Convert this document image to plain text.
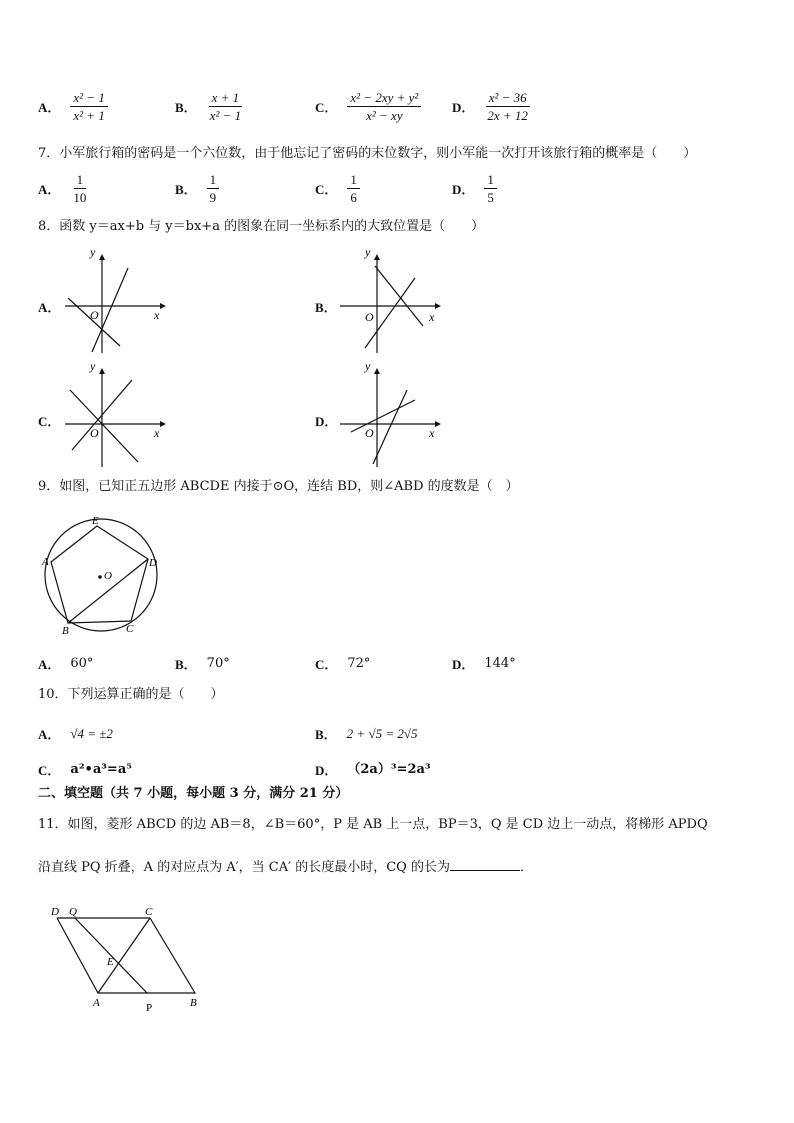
A． $\frac{\text{x² − 1}}{\text{x² + 1}}$	B． $\frac{x + 1}{\text{x² − 1}}$	C． $\frac{\text{x² − 2xy + y²}}{\text{x² − xy}}$ D． $\frac{\text{x² − 36}}{2x + 12}$
7．小军旅行箱的密码是一个六位数，由于他忘记了密码的末位数字，则小军能一次打开该旅行箱的概率是（　　）
A． $\frac{1}{10}$	B． $\frac{1}{9}$	C． $\frac{1}{6}$	D． $\frac{1}{5}$
8．函数 y＝ax+b 与 y＝bx+a 的图象在同一坐标系内的大致位置是（　　）
A．
y
x
O	B．
y
x
O
C．
y
x
O
D．
y
x
O
9．如图，已知正五边形 ABCDE 内接于⊙O，连结 BD，则∠ABD 的度数是（　）
E
A	D
B	C
O
A． 60°	B． 70°	C． 72°	D． 144°
10．下列运算正确的是（　　）
A． √4 = ±2	B． 2 + √5 = 2√5
C． a²•a³=a⁵	D． （2a）³=2a³
二、填空题（共 7 小题，每小题 3 分，满分 21 分）
11．如图，菱形 ABCD 的边 AB＝8，∠B＝60°，P 是 AB 上一点，BP＝3，Q 是 CD 边上一动点，将梯形 APDQ
沿直线 PQ 折叠，A 的对应点为 A′，当 CA′ 的长度最小时，CQ 的长为	．
D Q	C
E
A	P	B
